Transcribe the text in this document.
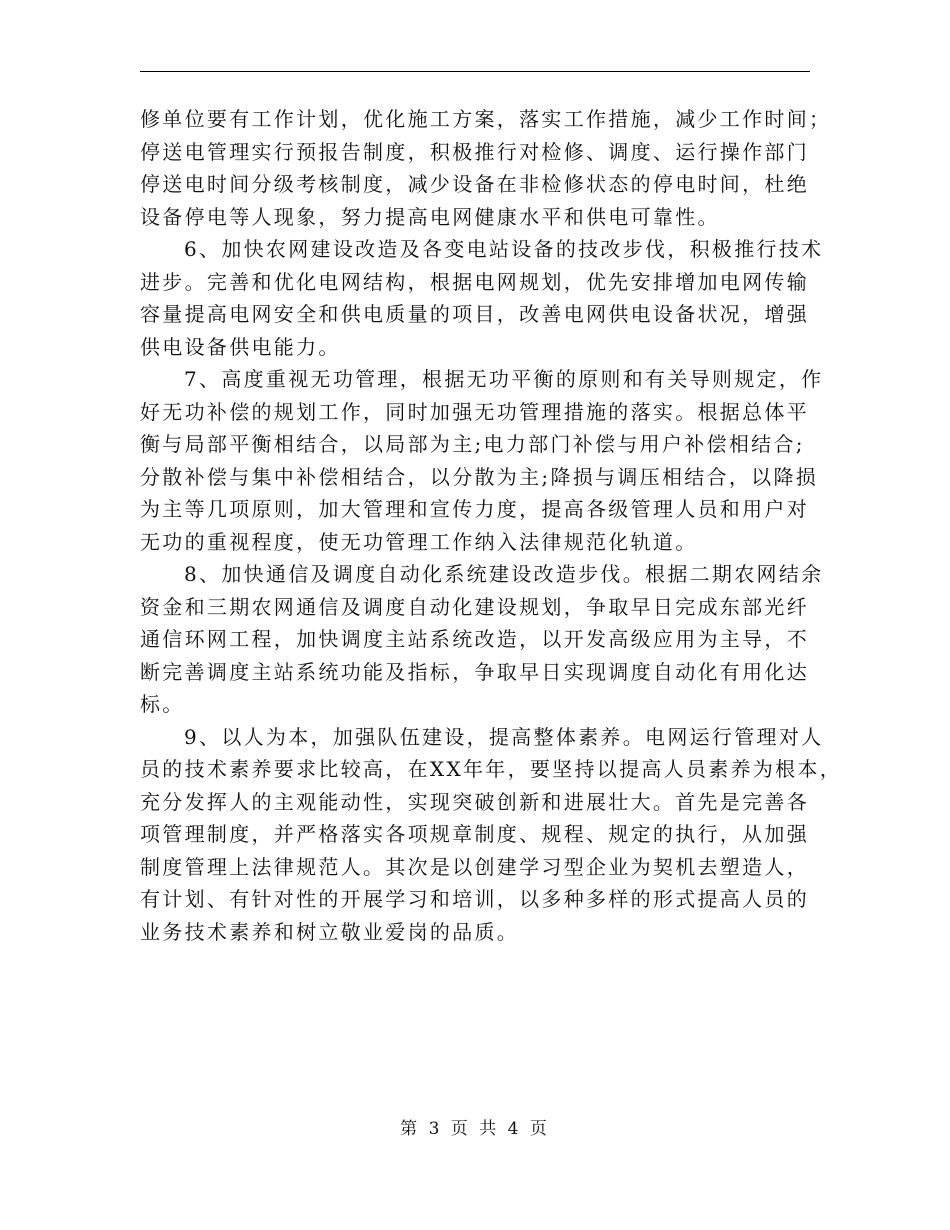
修单位要有工作计划，优化施工方案，落实工作措施，减少工作时间；
停送电管理实行预报告制度，积极推行对检修、调度、运行操作部门
停送电时间分级考核制度，减少设备在非检修状态的停电时间，杜绝
设备停电等人现象，努力提高电网健康水平和供电可靠性。
6、加快农网建设改造及各变电站设备的技改步伐，积极推行技术
进步。完善和优化电网结构，根据电网规划，优先安排增加电网传输
容量提高电网安全和供电质量的项目，改善电网供电设备状况，增强
供电设备供电能力。
7、高度重视无功管理，根据无功平衡的原则和有关导则规定，作
好无功补偿的规划工作，同时加强无功管理措施的落实。根据总体平
衡与局部平衡相结合，以局部为主;电力部门补偿与用户补偿相结合;
分散补偿与集中补偿相结合，以分散为主;降损与调压相结合，以降损
为主等几项原则，加大管理和宣传力度，提高各级管理人员和用户对
无功的重视程度，使无功管理工作纳入法律规范化轨道。
8、加快通信及调度自动化系统建设改造步伐。根据二期农网结余
资金和三期农网通信及调度自动化建设规划，争取早日完成东部光纤
通信环网工程，加快调度主站系统改造，以开发高级应用为主导，不
断完善调度主站系统功能及指标，争取早日实现调度自动化有用化达
标。
9、以人为本，加强队伍建设，提高整体素养。电网运行管理对人
员的技术素养要求比较高，在XX年年，要坚持以提高人员素养为根本，
充分发挥人的主观能动性，实现突破创新和进展壮大。首先是完善各
项管理制度，并严格落实各项规章制度、规程、规定的执行，从加强
制度管理上法律规范人。其次是以创建学习型企业为契机去塑造人，
有计划、有针对性的开展学习和培训，以多种多样的形式提高人员的
业务技术素养和树立敬业爱岗的品质。
第 3 页 共 4 页
